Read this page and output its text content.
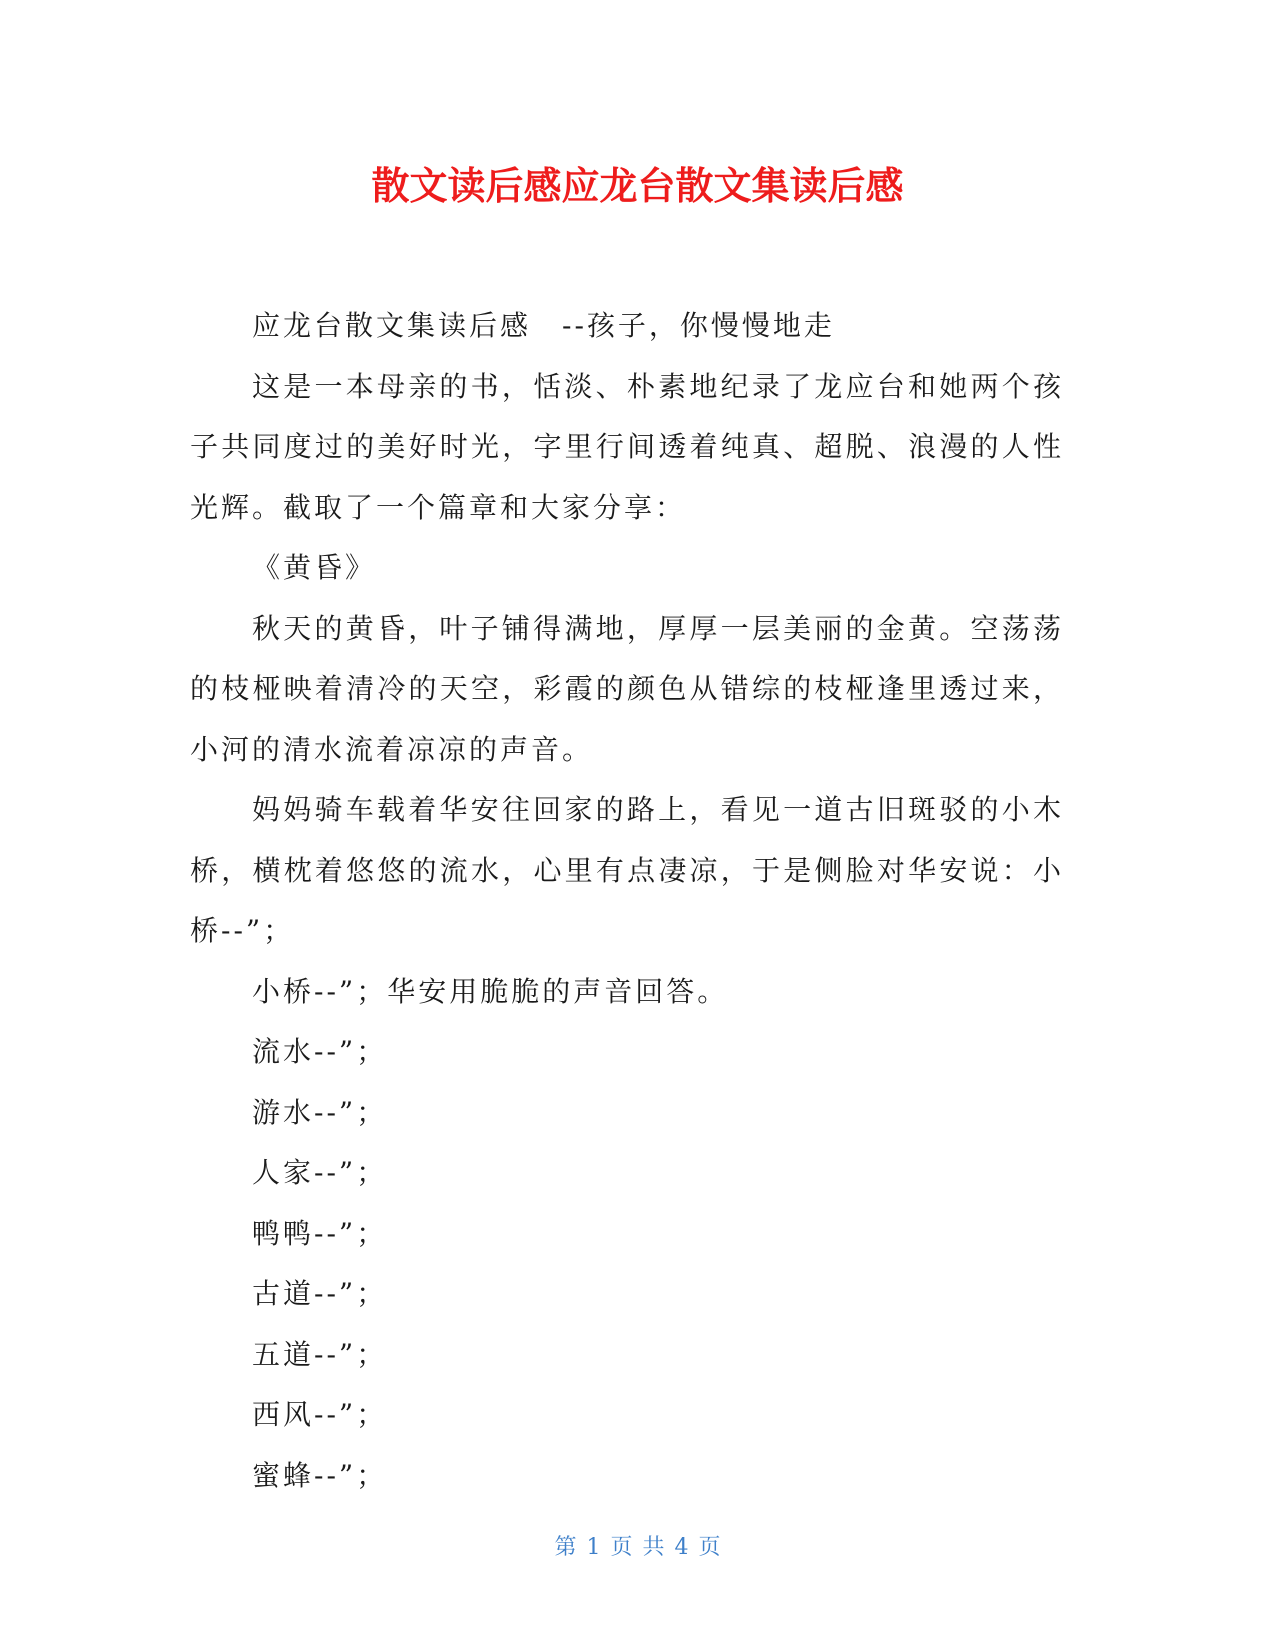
散文读后感应龙台散文集读后感

应龙台散文集读后感　--孩子，你慢慢地走

这是一本母亲的书，恬淡、朴素地纪录了龙应台和她两个孩子共同度过的美好时光，字里行间透着纯真、超脱、浪漫的人性光辉。截取了一个篇章和大家分享：

《黄昏》

秋天的黄昏，叶子铺得满地，厚厚一层美丽的金黄。空荡荡的枝桠映着清冷的天空，彩霞的颜色从错综的枝桠逢里透过来，小河的清水流着凉凉的声音。

妈妈骑车载着华安往回家的路上，看见一道古旧斑驳的小木桥，横枕着悠悠的流水，心里有点凄凉，于是侧脸对华安说：小桥--”；

小桥--”；华安用脆脆的声音回答。

流水--”；

游水--”；

人家--”；

鸭鸭--”；

古道--”；

五道--”；

西风--”；

蜜蜂--”；

第 1 页 共 4 页
